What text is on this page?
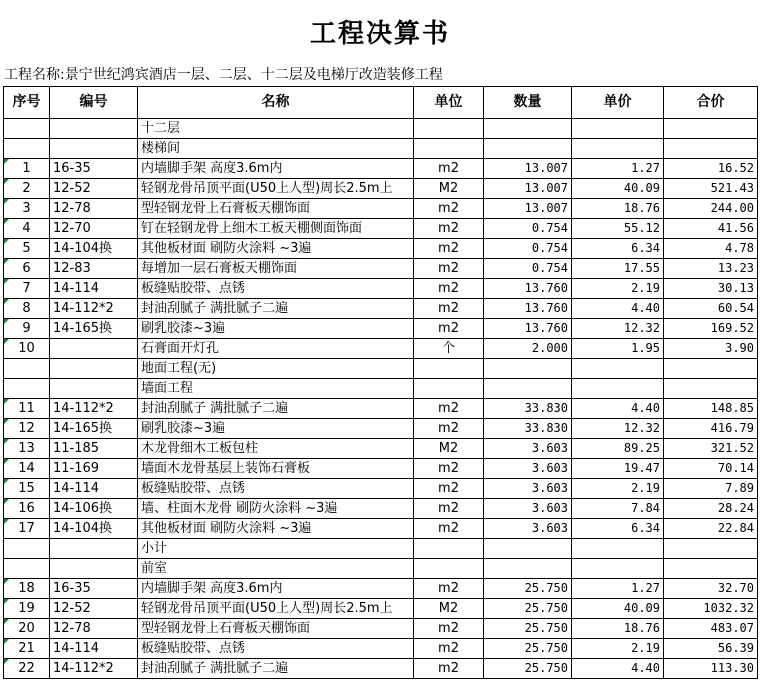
工程决算书
工程名称:景宁世纪鸿宾酒店一层、二层、十二层及电梯厅改造装修工程
序号	编号	名称	单位	数量	单价	合价
		十二层				
		楼梯间				
1	16-35	内墙脚手架 高度3.6m内	m2	13.007	1.27	16.52
2	12-52	轻钢龙骨吊顶平面(U50上人型)周长2.5m上	M2	13.007	40.09	521.43
3	12-78	型轻钢龙骨上石膏板天棚饰面	m2	13.007	18.76	244.00
4	12-70	钉在轻钢龙骨上细木工板天棚侧面饰面	m2	0.754	55.12	41.56
5	14-104换	其他板材面 刷防火涂料 ~3遍	m2	0.754	6.34	4.78
6	12-83	每增加一层石膏板天棚饰面	m2	0.754	17.55	13.23
7	14-114	板缝贴胶带、点锈	m2	13.760	2.19	30.13
8	14-112*2	封油刮腻子 满批腻子二遍	m2	13.760	4.40	60.54
9	14-165换	刷乳胶漆~3遍	m2	13.760	12.32	169.52
10		石膏面开灯孔	个	2.000	1.95	3.90
		地面工程(无)				
		墙面工程				
11	14-112*2	封油刮腻子 满批腻子二遍	m2	33.830	4.40	148.85
12	14-165换	刷乳胶漆~3遍	m2	33.830	12.32	416.79
13	11-185	木龙骨细木工板包柱	M2	3.603	89.25	321.52
14	11-169	墙面木龙骨基层上装饰石膏板	m2	3.603	19.47	70.14
15	14-114	板缝贴胶带、点锈	m2	3.603	2.19	7.89
16	14-106换	墙、柱面木龙骨 刷防火涂料 ~3遍	m2	3.603	7.84	28.24
17	14-104换	其他板材面 刷防火涂料 ~3遍	m2	3.603	6.34	22.84
		小计				
		前室				
18	16-35	内墙脚手架 高度3.6m内	m2	25.750	1.27	32.70
19	12-52	轻钢龙骨吊顶平面(U50上人型)周长2.5m上	M2	25.750	40.09	1032.32
20	12-78	型轻钢龙骨上石膏板天棚饰面	m2	25.750	18.76	483.07
21	14-114	板缝贴胶带、点锈	m2	25.750	2.19	56.39
22	14-112*2	封油刮腻子 满批腻子二遍	m2	25.750	4.40	113.30
